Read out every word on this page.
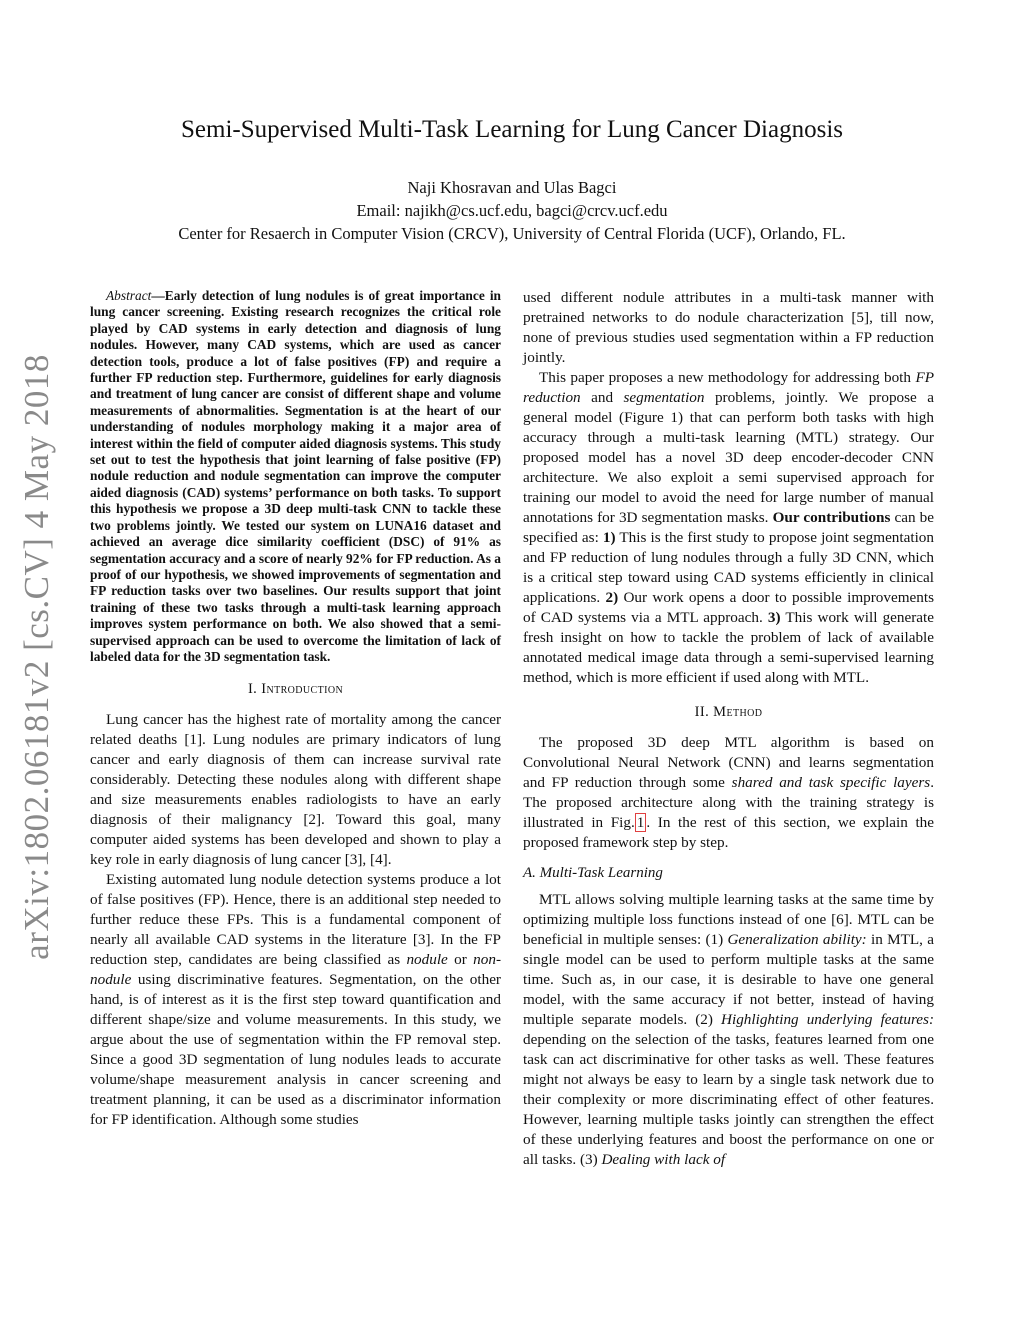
arXiv:1802.06181v2 [cs.CV] 4 May 2018
Semi-Supervised Multi-Task Learning for Lung Cancer Diagnosis
Naji Khosravan and Ulas Bagci
Email: najikh@cs.ucf.edu, bagci@crcv.ucf.edu
Center for Resaerch in Computer Vision (CRCV), University of Central Florida (UCF), Orlando, FL.

Abstract—Early detection of lung nodules is of great importance in lung cancer screening. Existing research recognizes the critical role played by CAD systems in early detection and diagnosis of lung nodules. However, many CAD systems, which are used as cancer detection tools, produce a lot of false positives (FP) and require a further FP reduction step. Furthermore, guidelines for early diagnosis and treatment of lung cancer are consist of different shape and volume measurements of abnormalities. Segmentation is at the heart of our understanding of nodules morphology making it a major area of interest within the field of computer aided diagnosis systems. This study set out to test the hypothesis that joint learning of false positive (FP) nodule reduction and nodule segmentation can improve the computer aided diagnosis (CAD) systems’ performance on both tasks. To support this hypothesis we propose a 3D deep multi-task CNN to tackle these two problems jointly. We tested our system on LUNA16 dataset and achieved an average dice similarity coefficient (DSC) of 91% as segmentation accuracy and a score of nearly 92% for FP reduction. As a proof of our hypothesis, we showed improvements of segmentation and FP reduction tasks over two baselines. Our results support that joint training of these two tasks through a multi-task learning approach improves system performance on both. We also showed that a semi-supervised approach can be used to overcome the limitation of lack of labeled data for the 3D segmentation task.

I. Introduction

Lung cancer has the highest rate of mortality among the cancer related deaths [1]. Lung nodules are primary indicators of lung cancer and early diagnosis of them can increase survival rate considerably. Detecting these nodules along with different shape and size measurements enables radiologists to have an early diagnosis of their malignancy [2]. Toward this goal, many computer aided systems has been developed and shown to play a key role in early diagnosis of lung cancer [3], [4].

Existing automated lung nodule detection systems produce a lot of false positives (FP). Hence, there is an additional step needed to further reduce these FPs. This is a fundamental component of nearly all available CAD systems in the literature [3]. In the FP reduction step, candidates are being classified as nodule or non-nodule using discriminative features. Segmentation, on the other hand, is of interest as it is the first step toward quantification and different shape/size and volume measurements. In this study, we argue about the use of segmentation within the FP removal step. Since a good 3D segmentation of lung nodules leads to accurate volume/shape measurement analysis in cancer screening and treatment planning, it can be used as a discriminator information for FP identification. Although some studies

used different nodule attributes in a multi-task manner with pretrained networks to do nodule characterization [5], till now, none of previous studies used segmentation within a FP reduction jointly.

This paper proposes a new methodology for addressing both FP reduction and segmentation problems, jointly. We propose a general model (Figure 1) that can perform both tasks with high accuracy through a multi-task learning (MTL) strategy. Our proposed model has a novel 3D deep encoder-decoder CNN architecture. We also exploit a semi supervised approach for training our model to avoid the need for large number of manual annotations for 3D segmentation masks. Our contributions can be specified as: 1) This is the first study to propose joint segmentation and FP reduction of lung nodules through a fully 3D CNN, which is a critical step toward using CAD systems efficiently in clinical applications. 2) Our work opens a door to possible improvements of CAD systems via a MTL approach. 3) This work will generate fresh insight on how to tackle the problem of lack of available annotated medical image data through a semi-supervised learning method, which is more efficient if used along with MTL.

II. Method

The proposed 3D deep MTL algorithm is based on Convolutional Neural Network (CNN) and learns segmentation and FP reduction through some shared and task specific layers. The proposed architecture along with the training strategy is illustrated in Fig. 1 . In the rest of this section, we explain the proposed framework step by step.

A. Multi-Task Learning

MTL allows solving multiple learning tasks at the same time by optimizing multiple loss functions instead of one [6]. MTL can be beneficial in multiple senses: (1) Generalization ability: in MTL, a single model can be used to perform multiple tasks at the same time. Such as, in our case, it is desirable to have one general model, with the same accuracy if not better, instead of having multiple separate models. (2) Highlighting underlying features: depending on the selection of the tasks, features learned from one task can act discriminative for other tasks as well. These features might not always be easy to learn by a single task network due to their complexity or more discriminating effect of other features. However, learning multiple tasks jointly can strengthen the effect of these underlying features and boost the performance on one or all tasks. (3) Dealing with lack of
